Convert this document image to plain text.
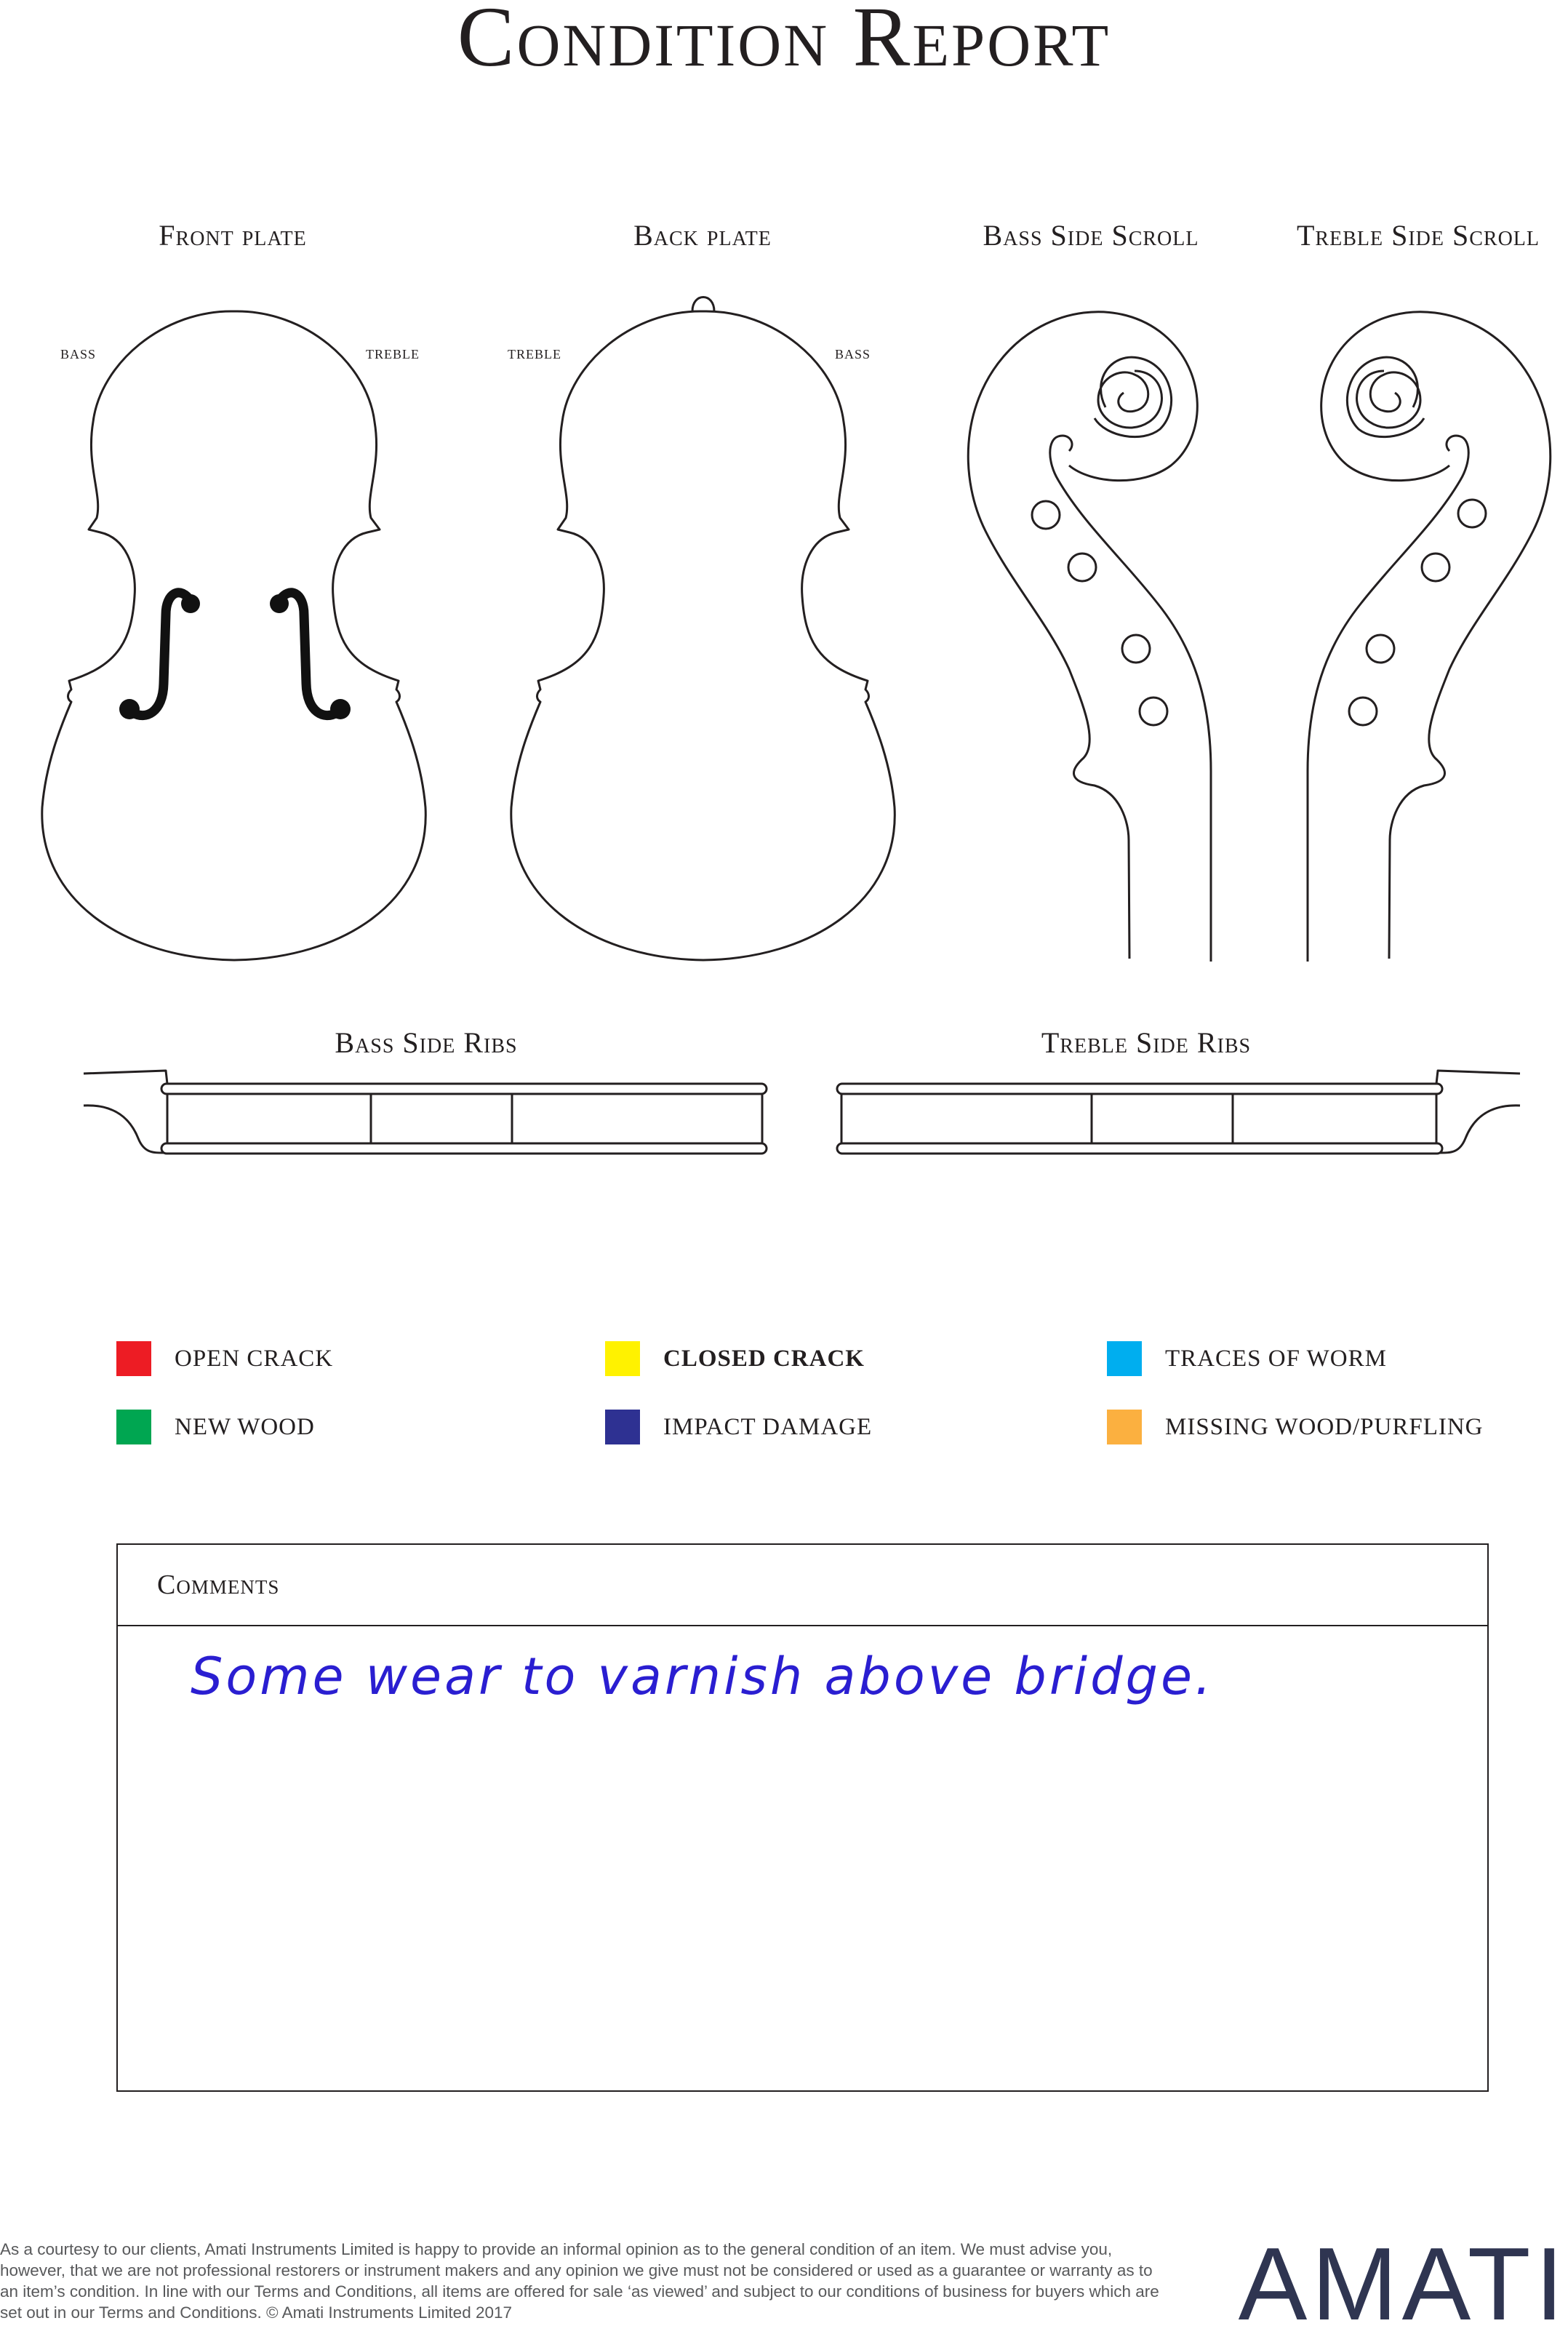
Condition Report
Front plate	Back plate	Bass Side Scroll	Treble Side Scroll
Bass Side Ribs	Treble Side Ribs
bass	treble	treble	bass
OPEN CRACK	CLOSED CRACK	TRACES OF WORM
NEW WOOD	IMPACT DAMAGE	MISSING WOOD/PURFLING
Comments
Some wear to varnish above bridge.
As a courtesy to our clients, Amati Instruments Limited is happy to provide an informal opinion as to the general condition of an item. We must advise you, however, that we are not professional restorers or instrument makers and any opinion we give must not be considered or used as a guarantee or warranty as to an item’s condition. In line with our Terms and Conditions, all items are offered for sale ‘as viewed’ and subject to our conditions of business for buyers which are set out in our Terms and Conditions. © Amati Instruments Limited 2017	AMATI
